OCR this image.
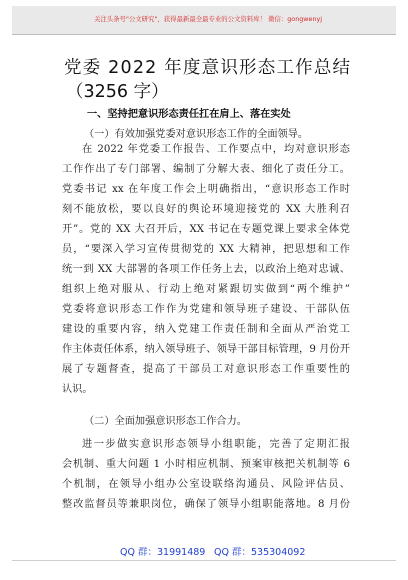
关注头条号"公文研究"，获得最新最全最专业的公文资料库！ 微信：gongwenyj
党委 2022 年度意识形态工作总结
（3256 字）
一、坚持把意识形态责任扛在肩上、落在实处
（一）有效加强党委对意识形态工作的全面领导。
在 2022 年党委工作报告、工作要点中，均对意识形态
工作作出了专门部署、编制了分解大表、细化了责任分工。
党委书记 xx 在年度工作会上明确指出，“意识形态工作时
刻不能放松，要以良好的舆论环境迎接党的 XX 大胜利召
开”。党的 XX 大召开后，XX 书记在专题党课上要求全体党
员，“要深入学习宣传贯彻党的 XX 大精神，把思想和工作
统一到 XX 大部署的各项工作任务上去，以政治上绝对忠诚、
组织上绝对服从、行动上绝对紧跟切实做到“两个维护”
党委将意识形态工作作为党建和领导班子建设、干部队伍
建设的重要内容，纳入党建工作责任制和全面从严治党工
作主体责任体系，纳入领导班子、领导干部目标管理，9 月份开
展了专题督查，提高了干部员工对意识形态工作重要性的
认识。
（二）全面加强意识形态工作合力。
进一步做实意识形态领导小组职能，完善了定期汇报
会机制、重大问题 1 小时相应机制、预案审核把关机制等 6
个机制，在领导小组办公室设联络沟通员、风险评估员、
整改监督员等兼职岗位，确保了领导小组职能落地。8 月份
QQ 群：31991489 QQ 群：535304092
